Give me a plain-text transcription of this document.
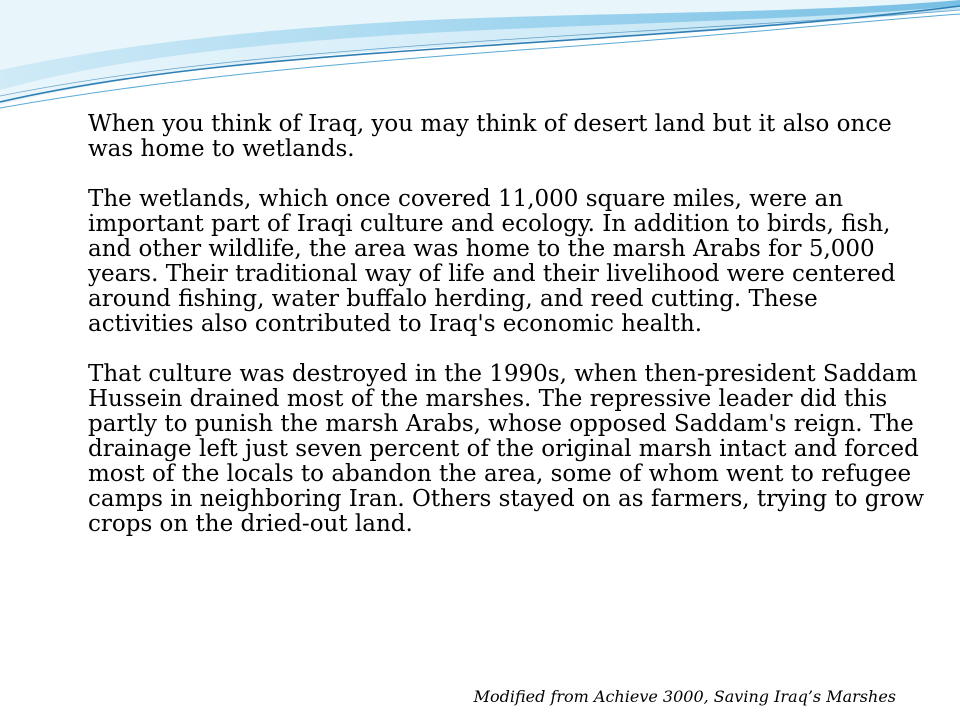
When you think of Iraq, you may think of desert land but it also once was home to wetlands.

The wetlands, which once covered 11,000 square miles, were an important part of Iraqi culture and ecology. In addition to birds, fish, and other wildlife, the area was home to the marsh Arabs for 5,000 years. Their traditional way of life and their livelihood were centered around fishing, water buffalo herding, and reed cutting. These activities also contributed to Iraq's economic health.

That culture was destroyed in the 1990s, when then-president Saddam Hussein drained most of the marshes. The repressive leader did this partly to punish the marsh Arabs, whose opposed Saddam's reign. The drainage left just seven percent of the original marsh intact and forced most of the locals to abandon the area, some of whom went to refugee camps in neighboring Iran. Others stayed on as farmers, trying to grow crops on the dried-out land.

Modified from Achieve 3000, Saving Iraq’s Marshes
